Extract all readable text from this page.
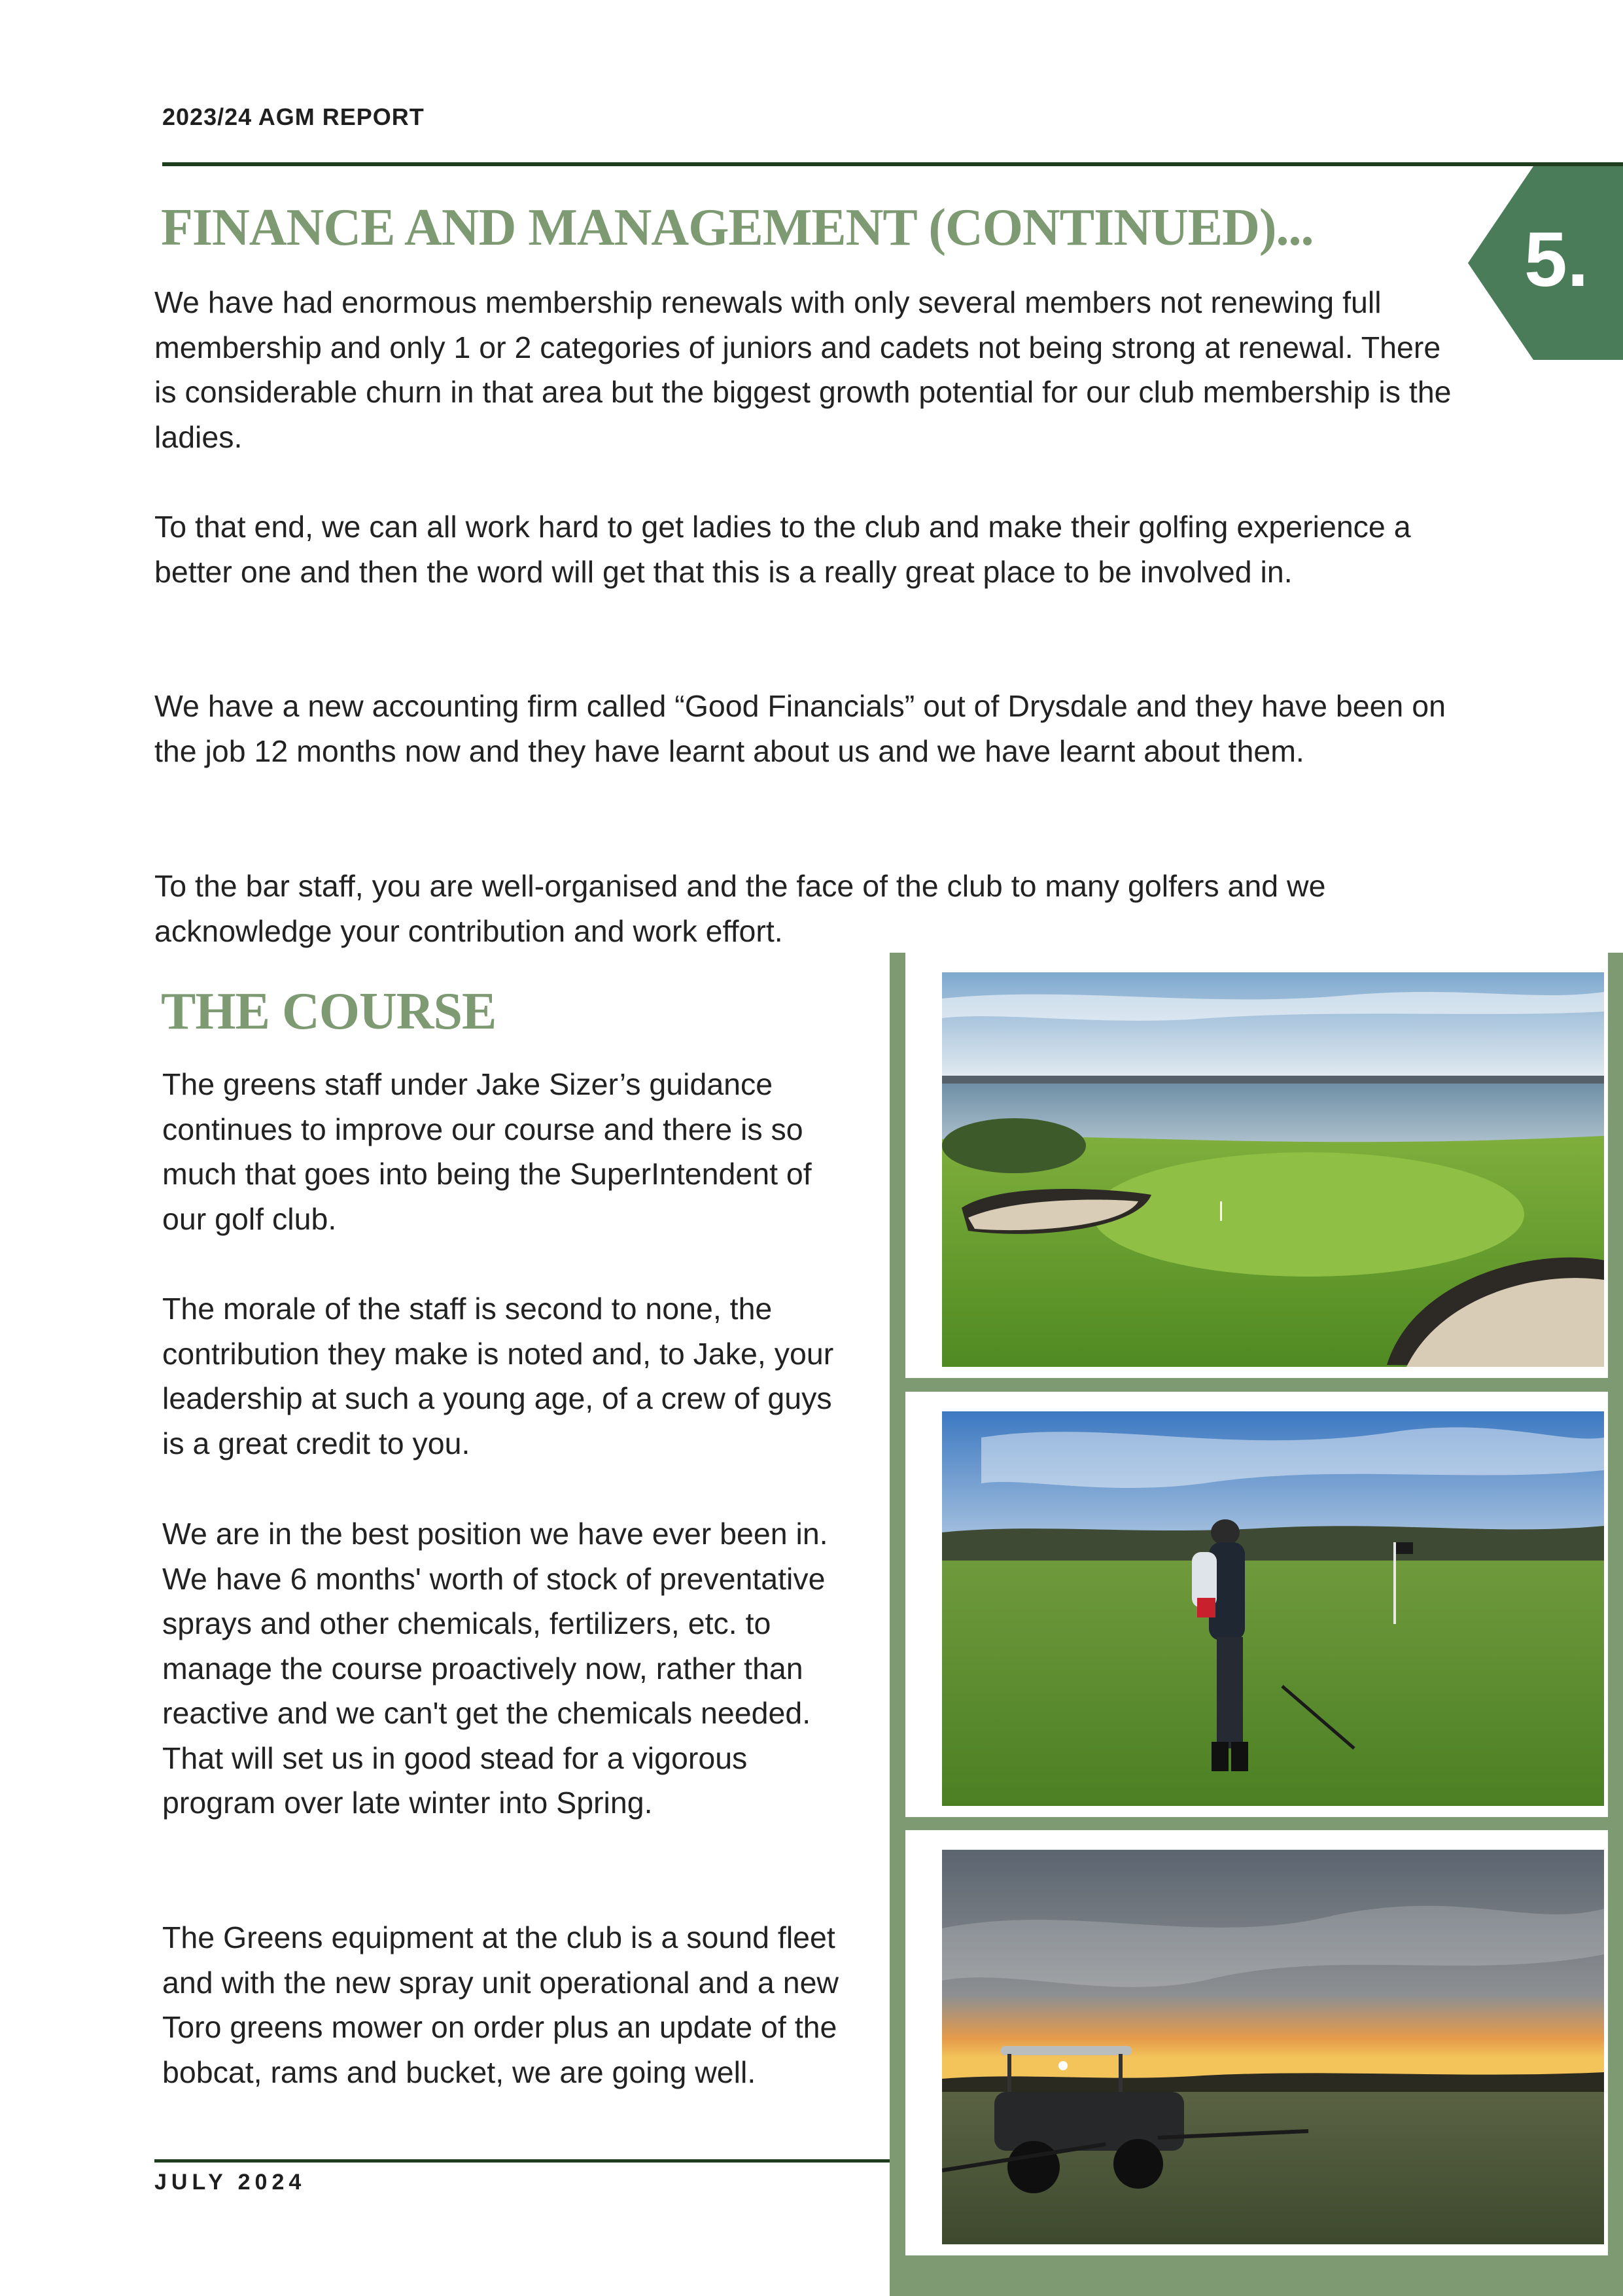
2023/24 AGM REPORT
5.
FINANCE AND MANAGEMENT (CONTINUED)...

We have had enormous membership renewals with only several members not renewing full membership and only 1 or 2 categories of juniors and cadets not being strong at renewal. There is considerable churn in that area but the biggest growth potential for our club membership is the ladies.

To that end, we can all work hard to get ladies to the club and make their golfing experience a better one and then the word will get that this is a really great place to be involved in.

We have a new accounting firm called “Good Financials” out of Drysdale and they have been on the job 12 months now and they have learnt about us and we have learnt about them.

To the bar staff, you are well-organised and the face of the club to many golfers and we acknowledge your contribution and work effort.

THE COURSE

The greens staff under Jake Sizer’s guidance continues to improve our course and there is so much that goes into being the SuperIntendent of our golf club.

The morale of the staff is second to none, the contribution they make is noted and, to Jake, your leadership at such a young age, of a crew of guys is a great credit to you.

We are in the best position we have ever been in. We have 6 months' worth of stock of preventative sprays and other chemicals, fertilizers, etc. to manage the course proactively now, rather than reactive and we can't get the chemicals needed. That will set us in good stead for a vigorous program over late winter into Spring.

The Greens equipment at the club is a sound fleet and with the new spray unit operational and a new Toro greens mower on order plus an update of the bobcat, rams and bucket, we are going well.

JULY 2024
